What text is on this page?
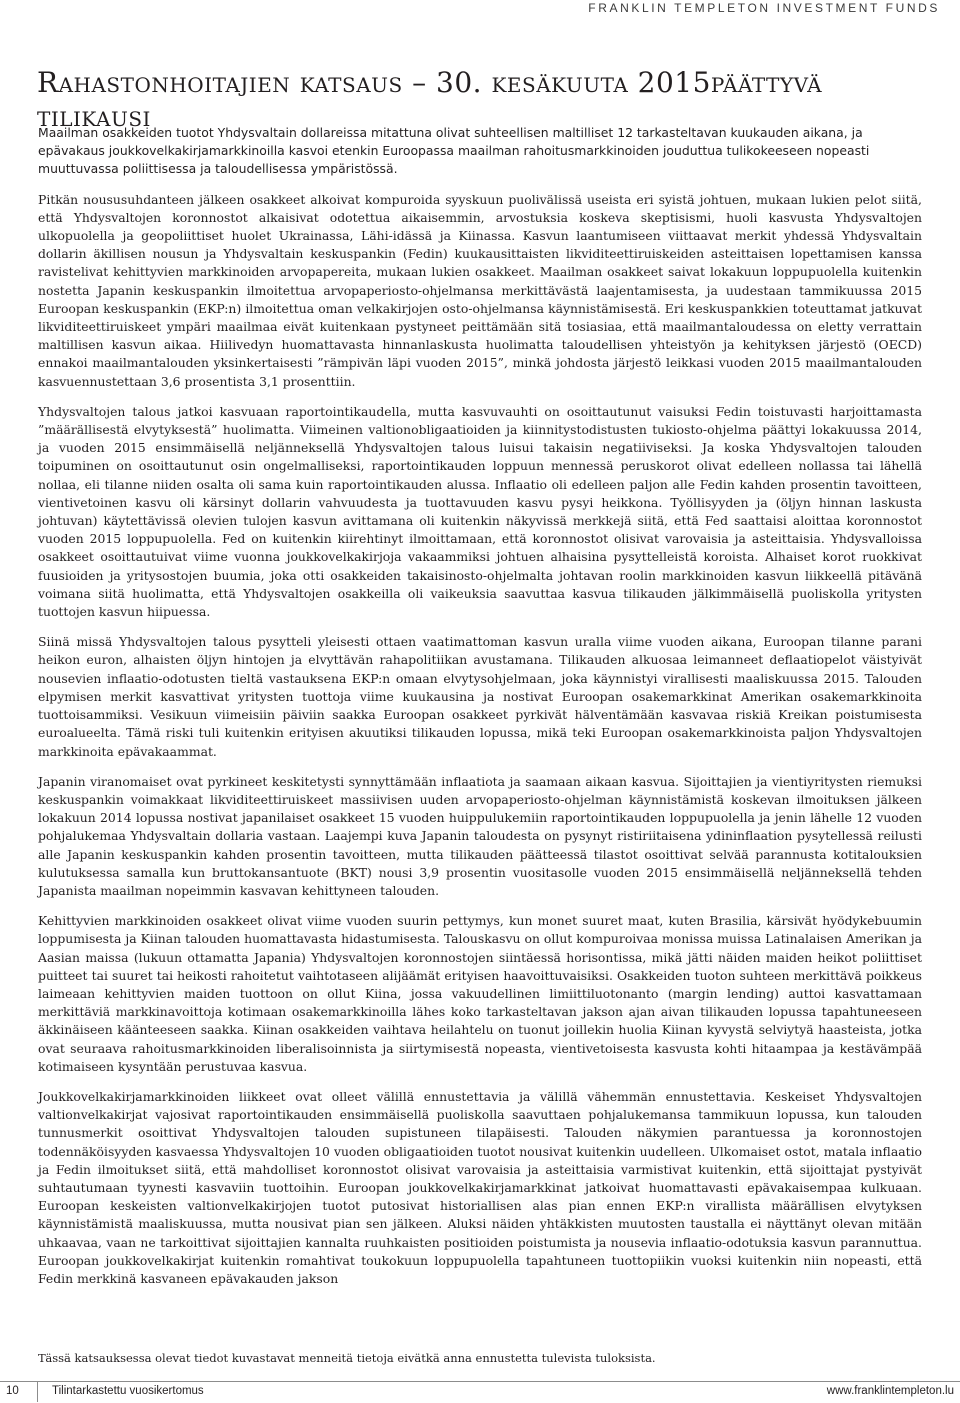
FRANKLIN TEMPLETON INVESTMENT FUNDS
Rahastonhoitajien katsaus – 30. kesäkuuta 2015päättyvä tilikausi

Maailman osakkeiden tuotot Yhdysvaltain dollareissa mitattuna olivat suhteellisen maltilliset 12 tarkasteltavan kuukauden aikana, ja epävakaus joukkovelkakirjamarkkinoilla kasvoi etenkin Euroopassa maailman rahoitusmarkkinoiden jouduttua tulikokeeseen nopeasti muuttuvassa poliittisessa ja taloudellisessa ympäristössä.

Pitkän noususuhdanteen jälkeen osakkeet alkoivat kompuroida syyskuun puolivälissä useista eri syistä johtuen, mukaan lukien pelot siitä, että Yhdysvaltojen koronnostot alkaisivat odotettua aikaisemmin, arvostuksia koskeva skeptisismi, huoli kasvusta Yhdysvaltojen ulkopuolella ja geopoliittiset huolet Ukrainassa, Lähi-idässä ja Kiinassa. Kasvun laantumiseen viittaavat merkit yhdessä Yhdysvaltain dollarin äkillisen nousun ja Yhdysvaltain keskuspankin (Fedin) kuukausittaisten likviditeettiruiskeiden asteittaisen lopettamisen kanssa ravistelivat kehittyvien markkinoiden arvopapereita, mukaan lukien osakkeet. Maailman osakkeet saivat lokakuun loppupuolella kuitenkin nostetta Japanin keskuspankin ilmoitettua arvopaperiosto-ohjelmansa merkittävästä laajentamisesta, ja uudestaan tammikuussa 2015 Euroopan keskuspankin (EKP:n) ilmoitettua oman velkakirjojen osto-ohjelmansa käynnistämisestä. Eri keskuspankkien toteuttamat jatkuvat likviditeettiruiskeet ympäri maailmaa eivät kuitenkaan pystyneet peittämään sitä tosiasiaa, että maailmantaloudessa on eletty verrattain maltillisen kasvun aikaa. Hiilivedyn huomattavasta hinnanlaskusta huolimatta taloudellisen yhteistyön ja kehityksen järjestö (OECD) ennakoi maailmantalouden yksinkertaisesti ”rämpivän läpi vuoden 2015”, minkä johdosta järjestö leikkasi vuoden 2015 maailmantalouden kasvuennustettaan 3,6 prosentista 3,1 prosenttiin.

Yhdysvaltojen talous jatkoi kasvuaan raportointikaudella, mutta kasvuvauhti on osoittautunut vaisuksi Fedin toistuvasti harjoittamasta ”määrällisestä elvytyksestä” huolimatta. Viimeinen valtionobligaatioiden ja kiinnitystodistusten tukiosto-ohjelma päättyi lokakuussa 2014, ja vuoden 2015 ensimmäisellä neljänneksellä Yhdysvaltojen talous luisui takaisin negatiiviseksi. Ja koska Yhdysvaltojen talouden toipuminen on osoittautunut osin ongelmalliseksi, raportointikauden loppuun mennessä peruskorot olivat edelleen nollassa tai lähellä nollaa, eli tilanne niiden osalta oli sama kuin raportointikauden alussa. Inflaatio oli edelleen paljon alle Fedin kahden prosentin tavoitteen, vientivetoinen kasvu oli kärsinyt dollarin vahvuudesta ja tuottavuuden kasvu pysyi heikkona. Työllisyyden ja (öljyn hinnan laskusta johtuvan) käytettävissä olevien tulojen kasvun avittamana oli kuitenkin näkyvissä merkkejä siitä, että Fed saattaisi aloittaa koronnostot vuoden 2015 loppupuolella. Fed on kuitenkin kiirehtinyt ilmoittamaan, että koronnostot olisivat varovaisia ja asteittaisia. Yhdysvalloissa osakkeet osoittautuivat viime vuonna joukkovelkakirjoja vakaammiksi johtuen alhaisina pysyttelleistä koroista. Alhaiset korot ruokkivat fuusioiden ja yritysostojen buumia, joka otti osakkeiden takaisinosto-ohjelmalta johtavan roolin markkinoiden kasvun liikkeellä pitävänä voimana siitä huolimatta, että Yhdysvaltojen osakkeilla oli vaikeuksia saavuttaa kasvua tilikauden jälkimmäisellä puoliskolla yritysten tuottojen kasvun hiipuessa.

Siinä missä Yhdysvaltojen talous pysytteli yleisesti ottaen vaatimattoman kasvun uralla viime vuoden aikana, Euroopan tilanne parani heikon euron, alhaisten öljyn hintojen ja elvyttävän rahapolitiikan avustamana. Tilikauden alkuosaa leimanneet deflaatiopelot väistyivät nousevien inflaatio-odotusten tieltä vastauksena EKP:n omaan elvytysohjelmaan, joka käynnistyi virallisesti maaliskuussa 2015. Talouden elpymisen merkit kasvattivat yritysten tuottoja viime kuukausina ja nostivat Euroopan osakemarkkinat Amerikan osakemarkkinoita tuottoisammiksi. Vesikuun viimeisiin päiviin saakka Euroopan osakkeet pyrkivät hälventämään kasvavaa riskiä Kreikan poistumisesta euroalueelta. Tämä riski tuli kuitenkin erityisen akuutiksi tilikauden lopussa, mikä teki Euroopan osakemarkkinoista paljon Yhdysvaltojen markkinoita epävakaammat.

Japanin viranomaiset ovat pyrkineet keskitetysti synnyttämään inflaatiota ja saamaan aikaan kasvua. Sijoittajien ja vientiyritysten riemuksi keskuspankin voimakkaat likviditeettiruiskeet massiivisen uuden arvopaperiosto-ohjelman käynnistämistä koskevan ilmoituksen jälkeen lokakuun 2014 lopussa nostivat japanilaiset osakkeet 15 vuoden huippulukemiin raportointikauden loppupuolella ja jenin lähelle 12 vuoden pohjalukemaa Yhdysvaltain dollaria vastaan. Laajempi kuva Japanin taloudesta on pysynyt ristiriitaisena ydininflaation pysytellessä reilusti alle Japanin keskuspankin kahden prosentin tavoitteen, mutta tilikauden päätteessä tilastot osoittivat selvää parannusta kotitalouksien kulutuksessa samalla kun bruttokansantuote (BKT) nousi 3,9 prosentin vuositasolle vuoden 2015 ensimmäisellä neljänneksellä tehden Japanista maailman nopeimmin kasvavan kehittyneen talouden.

Kehittyvien markkinoiden osakkeet olivat viime vuoden suurin pettymys, kun monet suuret maat, kuten Brasilia, kärsivät hyödykebuumin loppumisesta ja Kiinan talouden huomattavasta hidastumisesta. Talouskasvu on ollut kompuroivaa monissa muissa Latinalaisen Amerikan ja Aasian maissa (lukuun ottamatta Japania) Yhdysvaltojen koronnostojen siintäessä horisontissa, mikä jätti näiden maiden heikot poliittiset puitteet tai suuret tai heikosti rahoitetut vaihtotaseen alijäämät erityisen haavoittuvaisiksi. Osakkeiden tuoton suhteen merkittävä poikkeus laimeaan kehittyvien maiden tuottoon on ollut Kiina, jossa vakuudellinen limiittiluotonanto (margin lending) auttoi kasvattamaan merkittäviä markkinavoittoja kotimaan osakemarkkinoilla lähes koko tarkasteltavan jakson ajan aivan tilikauden lopussa tapahtuneeseen äkkinäiseen käänteeseen saakka. Kiinan osakkeiden vaihtava heilahtelu on tuonut joillekin huolia Kiinan kyvystä selviytyä haasteista, jotka ovat seuraava rahoitusmarkkinoiden liberalisoinnista ja siirtymisestä nopeasta, vientivetoisesta kasvusta kohti hitaampaa ja kestävämpää kotimaiseen kysyntään perustuvaa kasvua.

Joukkovelkakirjamarkkinoiden liikkeet ovat olleet välillä ennustettavia ja välillä vähemmän ennustettavia. Keskeiset Yhdysvaltojen valtionvelkakirjat vajosivat raportointikauden ensimmäisellä puoliskolla saavuttaen pohjalukemansa tammikuun lopussa, kun talouden tunnusmerkit osoittivat Yhdysvaltojen talouden supistuneen tilapäisesti. Talouden näkymien parantuessa ja koronnostojen todennäköisyyden kasvaessa Yhdysvaltojen 10 vuoden obligaatioiden tuotot nousivat kuitenkin uudelleen. Ulkomaiset ostot, matala inflaatio ja Fedin ilmoitukset siitä, että mahdolliset koronnostot olisivat varovaisia ja asteittaisia varmistivat kuitenkin, että sijoittajat pystyivät suhtautumaan tyynesti kasvaviin tuottoihin. Euroopan joukkovelkakirjamarkkinat jatkoivat huomattavasti epävakaisempaa kulkuaan. Euroopan keskeisten valtionvelkakirjojen tuotot putosivat historiallisen alas pian ennen EKP:n virallista määrällisen elvytyksen käynnistämistä maaliskuussa, mutta nousivat pian sen jälkeen. Aluksi näiden yhtäkkisten muutosten taustalla ei näyttänyt olevan mitään uhkaavaa, vaan ne tarkoittivat sijoittajien kannalta ruuhkaisten positioiden poistumista ja nousevia inflaatio-odotuksia kasvun parannuttua. Euroopan joukkovelkakirjat kuitenkin romahtivat toukokuun loppupuolella tapahtuneen tuottopiikin vuoksi kuitenkin niin nopeasti, että Fedin merkkinä kasvaneen epävakauden jakson

Tässä katsauksessa olevat tiedot kuvastavat menneitä tietoja eivätkä anna ennustetta tulevista tuloksista.

10	Tilintarkastettu vuosikertomus	www.franklintempleton.lu
